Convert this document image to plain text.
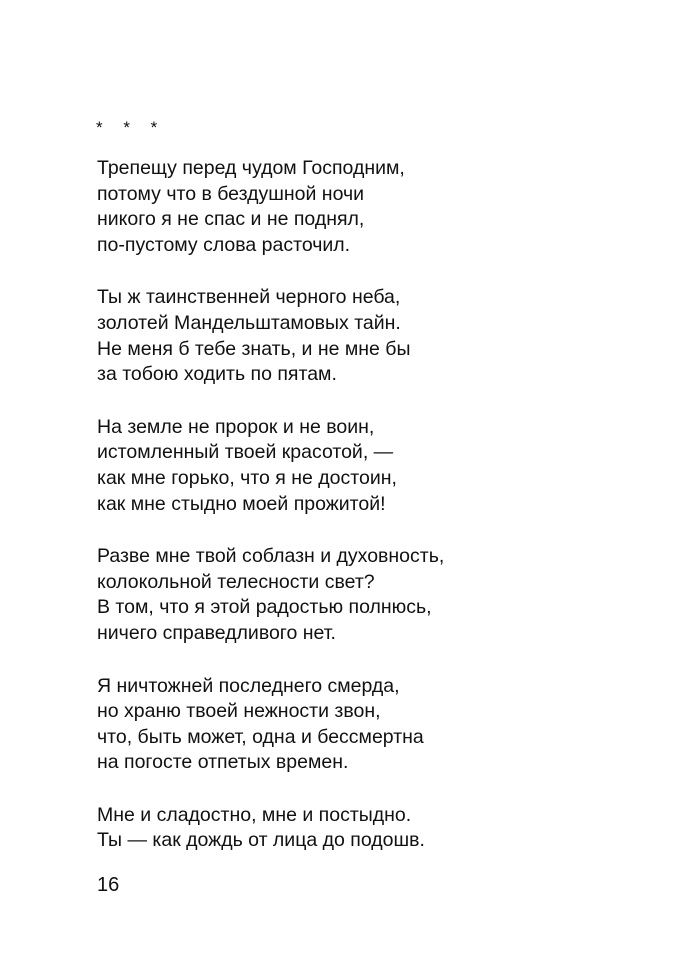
* * *
Трепещу перед чудом Господним,
потому что в бездушной ночи
никого я не спас и не поднял,
по-пустому слова расточил.
Ты ж таинственней черного неба,
золотей Мандельштамовых тайн.
Не меня б тебе знать, и не мне бы
за тобою ходить по пятам.
На земле не пророк и не воин,
истомленный твоей красотой, —
как мне горько, что я не достоин,
как мне стыдно моей прожитой!
Разве мне твой соблазн и духовность,
колокольной телесности свет?
В том, что я этой радостью полнюсь,
ничего справедливого нет.
Я ничтожней последнего смерда,
но храню твоей нежности звон,
что, быть может, одна и бессмертна
на погосте отпетых времен.
Мне и сладостно, мне и постыдно.
Ты — как дождь от лица до подошв.
16
